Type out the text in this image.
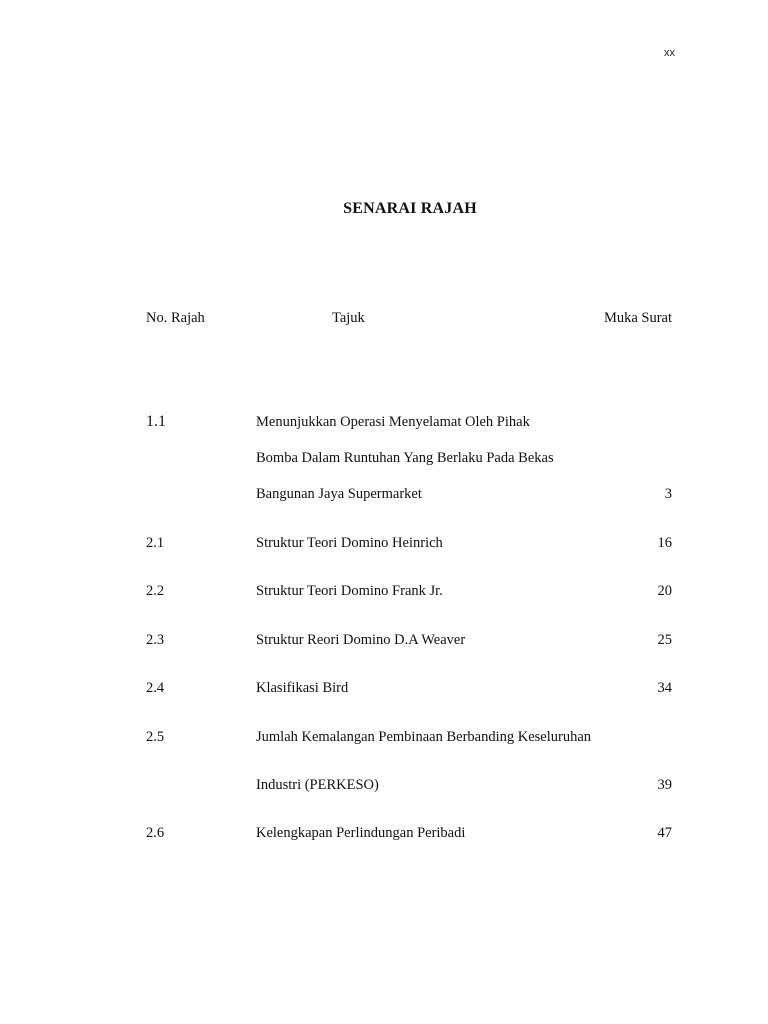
xx
SENARAI RAJAH
No. Rajah	Tajuk	Muka Surat
1.1	Menunjukkan Operasi Menyelamat Oleh Pihak
Bomba Dalam Runtuhan Yang Berlaku Pada Bekas
Bangunan Jaya Supermarket	3
2.1	Struktur Teori Domino Heinrich	16
2.2	Struktur Teori Domino Frank Jr.	20
2.3	Struktur Reori Domino D.A Weaver	25
2.4	Klasifikasi Bird	34
2.5	Jumlah Kemalangan Pembinaan Berbanding Keseluruhan
Industri (PERKESO)	39
2.6	Kelengkapan Perlindungan Peribadi	47
